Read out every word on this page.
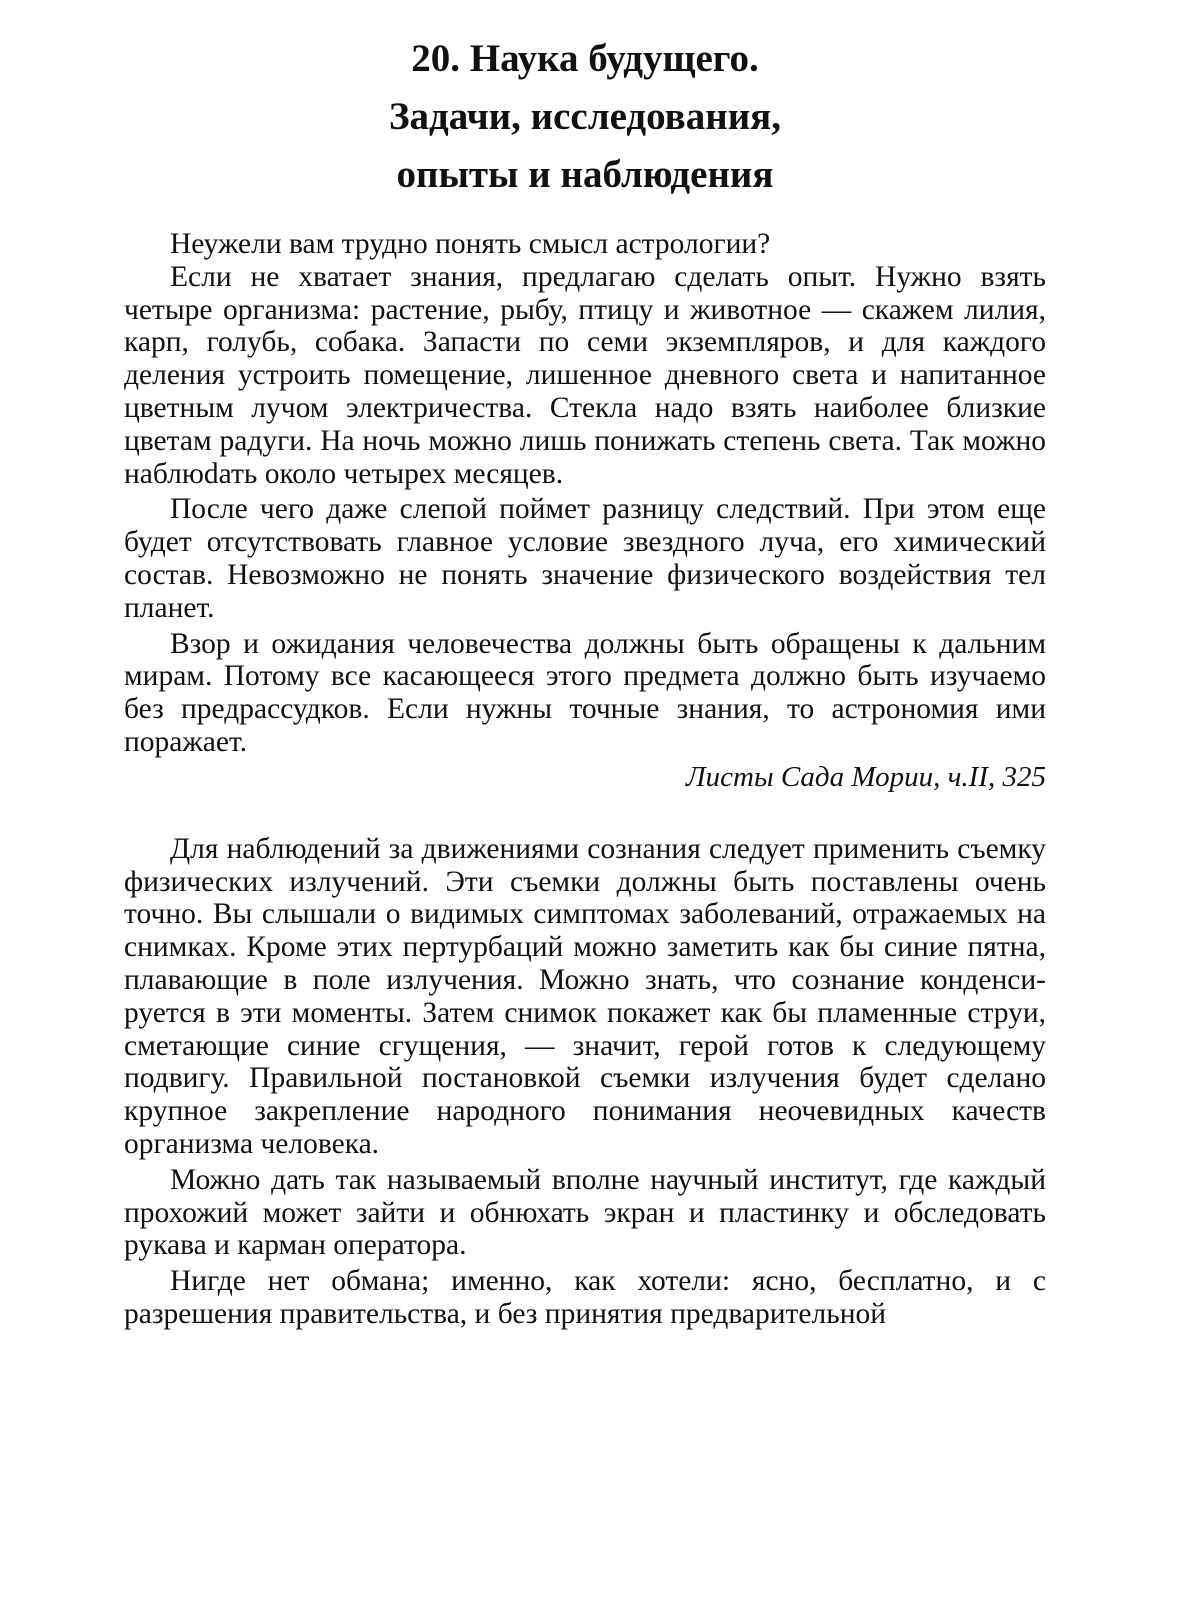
20. Наука будущего.
Задачи, исследования,
опыты и наблюдения

Неужели вам трудно понять смысл астрологии?

Если не хватает знания, предлагаю сделать опыт. Нужно взять четыре организма: растение, рыбу, птицу и животное — скажем лилия, карп, голубь, собака. Запасти по семи экземпляров, и для каждого деления устроить помещение, лишенное дневного света и напитанное цветным лучом электричества. Стекла надо взять наиболее близкие цветам радуги. На ночь можно лишь понижать степень света. Так можно наблюdать около четырех месяцев.

После чего даже слепой поймет разницу следствий. При этом еще будет отсутствовать главное условие звездного луча, его химический состав. Невозможно не понять значение физического воздействия тел планет.

Взор и ожидания человечества должны быть обращены к дальним мирам. Потому все касающееся этого предмета должно быть изучаемо без предрассудков. Если нужны точные знания, то астрономия ими поражает.

Листы Сада Мории, ч.II, 325

Для наблюдений за движениями сознания следует применить съемку физических излучений. Эти съемки должны быть поставлены очень точно. Вы слышали о видимых симптомах заболеваний, отражаемых на снимках. Кроме этих пертурбаций можно заметить как бы синие пятна, плавающие в поле излучения. Можно знать, что сознание конденсируется в эти моменты. Затем снимок покажет как бы пламенные струи, сметающие синие сгущения, — значит, герой готов к следующему подвигу. Правильной постановкой съемки излучения будет сделано крупное закрепление народного понимания неочевидных качеств организма человека.

Можно дать так называемый вполне научный институт, где каждый прохожий может зайти и обнюхать экран и пластинку и обследовать рукава и карман оператора.

Нигде нет обмана; именно, как хотели: ясно, бесплатно, и с разрешения правительства, и без принятия предварительной
